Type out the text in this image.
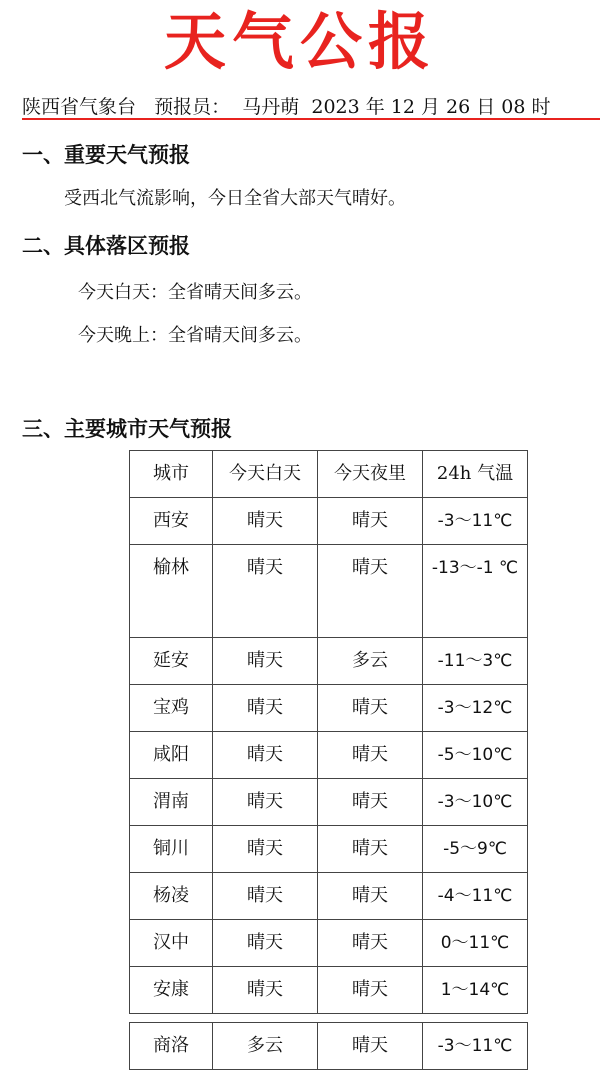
天气公报
陕西省气象台 预报员： 马丹萌 2023 年 12 月 26 日 08 时
一、重要天气预报
受西北气流影响，今日全省大部天气晴好。
二、具体落区预报
今天白天：全省晴天间多云。
今天晚上：全省晴天间多云。
三、主要城市天气预报
城市	今天白天	今天夜里	24h 气温
西安	晴天	晴天	-3～11℃
榆林	晴天	晴天	-13～-1 ℃
延安	晴天	多云	-11～3℃
宝鸡	晴天	晴天	-3～12℃
咸阳	晴天	晴天	-5～10℃
渭南	晴天	晴天	-3～10℃
铜川	晴天	晴天	-5～9℃
杨凌	晴天	晴天	-4～11℃
汉中	晴天	晴天	0～11℃
安康	晴天	晴天	1～14℃

商洛	多云	晴天	-3～11℃
